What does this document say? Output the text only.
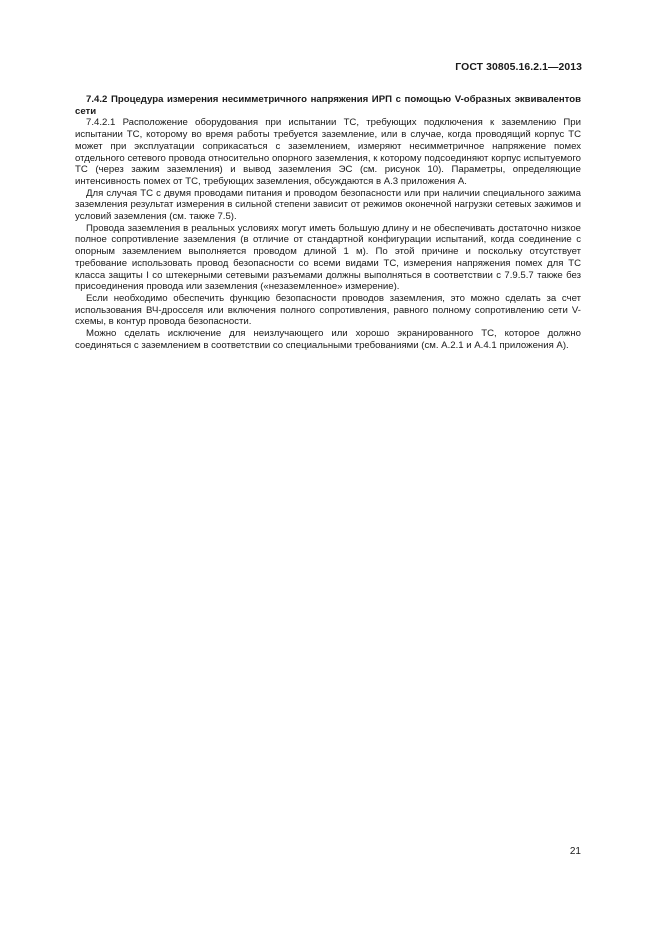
ГОСТ 30805.16.2.1—2013

7.4.2 Процедура измерения несимметричного напряжения ИРП с помощью V-образных эквивалентов сети

7.4.2.1 Расположение оборудования при испытании ТС, требующих подключения к заземлению При испытании ТС, которому во время работы требуется заземление, или в случае, когда проводящий корпус ТС может при эксплуатации соприкасаться с заземлением, измеряют несимметричное напряжение помех отдельного сетевого провода относительно опорного заземления, к которому подсоединяют корпус испытуемого ТС (через зажим заземления) и вывод заземления ЭС (см. рисунок 10). Параметры, определяющие интенсивность помех от ТС, требующих заземления, обсуждаются в А.3 приложения А.

Для случая ТС с двумя проводами питания и проводом безопасности или при наличии специального зажима заземления результат измерения в сильной степени зависит от режимов оконечной нагрузки сетевых зажимов и условий заземления (см. также 7.5).

Провода заземления в реальных условиях могут иметь большую длину и не обеспечивать достаточно низкое полное сопротивление заземления (в отличие от стандартной конфигурации испытаний, когда соединение с опорным заземлением выполняется проводом длиной 1 м). По этой причине и поскольку отсутствует требование использовать провод безопасности со всеми видами ТС, измерения напряжения помех для ТС класса защиты I со штекерными сетевыми разъемами должны выполняться в соответствии с 7.9.5.7 также без присоединения провода или заземления («незаземленное» измерение).

Если необходимо обеспечить функцию безопасности проводов заземления, это можно сделать за счет использования ВЧ-дросселя или включения полного сопротивления, равного полному сопротивлению сети V-схемы, в контур провода безопасности.

Можно сделать исключение для неизлучающего или хорошо экранированного ТС, которое должно соединяться с заземлением в соответствии со специальными требованиями (см. А.2.1 и А.4.1 приложения А).

21
